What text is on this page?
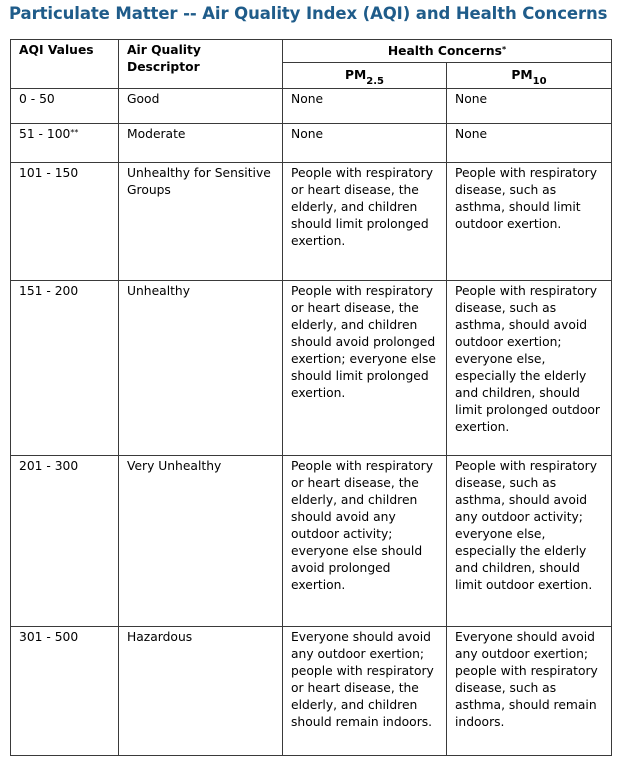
Particulate Matter -- Air Quality Index (AQI) and Health Concerns
AQI Values	Air Quality Descriptor	Health Concerns*
		$PM_{2.5}$	$PM_{10}$
0 - 50	Good	None	None

51 - 100**	Moderate	None	None

101 - 150	Unhealthy for Sensitive Groups	People with respiratory or heart disease, the elderly, and children should limit prolonged exertion.	People with respiratory disease, such as asthma, should limit outdoor exertion.

151 - 200	Unhealthy	People with respiratory or heart disease, the elderly, and children should avoid prolonged exertion; everyone else should limit prolonged exertion.	People with respiratory disease, such as asthma, should avoid outdoor exertion; everyone else, especially the elderly and children, should limit prolonged outdoor exertion.

201 - 300	Very Unhealthy	People with respiratory or heart disease, the elderly, and children should avoid any outdoor activity; everyone else should avoid prolonged exertion.	People with respiratory disease, such as asthma, should avoid any outdoor activity; everyone else, especially the elderly and children, should limit outdoor exertion.

301 - 500	Hazardous	Everyone should avoid any outdoor exertion; people with respiratory or heart disease, the elderly, and children should remain indoors.	Everyone should avoid any outdoor exertion; people with respiratory disease, such as asthma, should remain indoors.
